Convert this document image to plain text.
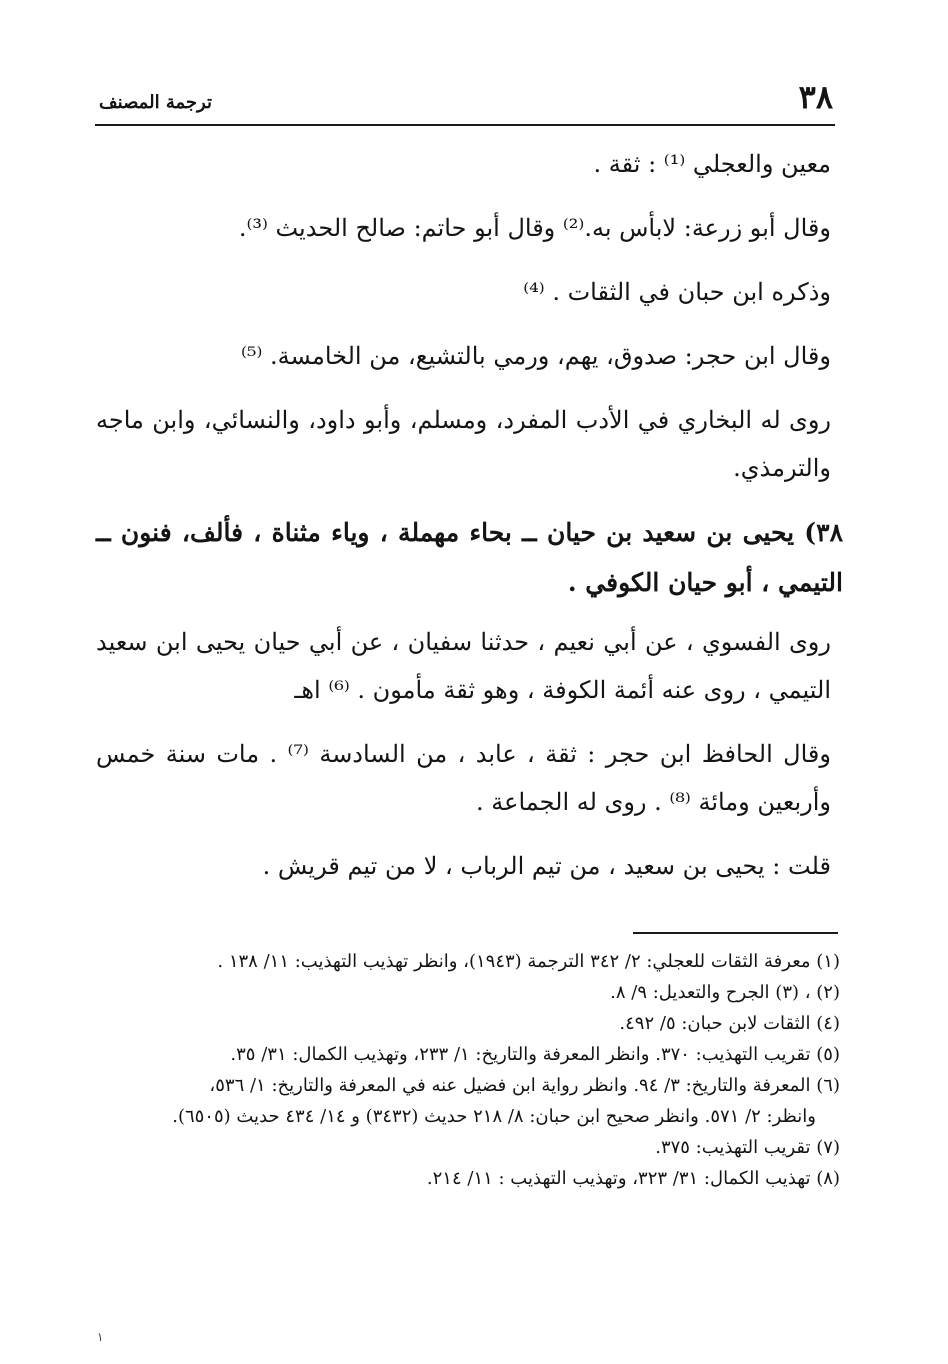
٣٨
ترجمة المصنف

معين والعجلي ⁽¹⁾ : ثقة .

وقال أبو زرعة: لابأس به.⁽²⁾ وقال أبو حاتم: صالح الحديث ⁽³⁾.

وذكره ابن حبان في الثقات . ⁽⁴⁾

وقال ابن حجر: صدوق، يهم، ورمي بالتشيع، من الخامسة. ⁽⁵⁾

روى له البخاري في الأدب المفرد، ومسلم، وأبو داود، والنسائي، وابن ماجه والترمذي.

٣٨) يحيى بن سعيد بن حيان ــ بحاء مهملة ، وياء مثناة ، فألف، فنون ــ التيمي ، أبو حيان الكوفي .

روى الفسوي ، عن أبي نعيم ، حدثنا سفيان ، عن أبي حيان يحيى ابن سعيد التيمي ، روى عنه أئمة الكوفة ، وهو ثقة مأمون . ⁽⁶⁾ اهـ

وقال الحافظ ابن حجر : ثقة ، عابد ، من السادسة ⁽⁷⁾ . مات سنة خمس وأربعين ومائة ⁽⁸⁾ . روى له الجماعة .

قلت : يحيى بن سعيد ، من تيم الرباب ، لا من تيم قريش .

(١) معرفة الثقات للعجلي: ٢/ ٣٤٢ الترجمة (١٩٤٣)، وانظر تهذيب التهذيب: ١١/ ١٣٨ .

(٢) ، (٣) الجرح والتعديل: ٩/ ٨.

(٤) الثقات لابن حبان: ٥/ ٤٩٢.

(٥) تقريب التهذيب: ٣٧٠. وانظر المعرفة والتاريخ: ١/ ٢٣٣، وتهذيب الكمال: ٣١/ ٣٥.

(٦) المعرفة والتاريخ: ٣/ ٩٤. وانظر رواية ابن فضيل عنه في المعرفة والتاريخ: ١/ ٥٣٦،
وانظر: ٢/ ٥٧١. وانظر صحيح ابن حبان: ٨/ ٢١٨ حديث (٣٤٣٢) و ١٤/ ٤٣٤ حديث (٦٥٠٥).

(٧) تقريب التهذيب: ٣٧٥.

(٨) تهذيب الكمال: ٣١/ ٣٢٣، وتهذيب التهذيب : ١١/ ٢١٤.

١
